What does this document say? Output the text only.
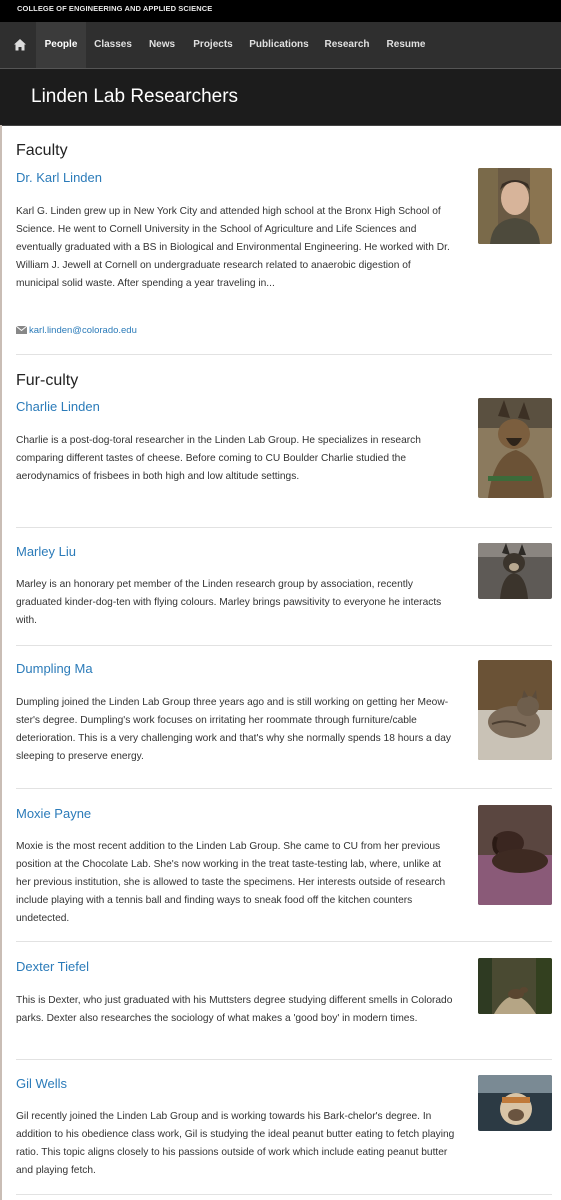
COLLEGE OF ENGINEERING AND APPLIED SCIENCE
People	Classes	News	Projects	Publications	Research	Resume
Linden Lab Researchers
Faculty
Dr. Karl Linden
Karl G. Linden grew up in New York City and attended high school at the Bronx High School of Science. He went to Cornell University in the School of Agriculture and Life Sciences and eventually graduated with a BS in Biological and Environmental Engineering. He worked with Dr. William J. Jewell at Cornell on undergraduate research related to anaerobic digestion of municipal solid waste. After spending a year traveling in...
karl.linden@colorado.edu
Fur-culty
Charlie Linden
Charlie is a post-dog-toral researcher in the Linden Lab Group. He specializes in research comparing different tastes of cheese. Before coming to CU Boulder Charlie studied the aerodynamics of frisbees in both high and low altitude settings.
Marley Liu
Marley is an honorary pet member of the Linden research group by association, recently graduated kinder-dog-ten with flying colours. Marley brings pawsitivity to everyone he interacts with.
Dumpling Ma
Dumpling joined the Linden Lab Group three years ago and is still working on getting her Meow-ster's degree. Dumpling's work focuses on irritating her roommate through furniture/cable deterioration. This is a very challenging work and that's why she normally spends 18 hours a day sleeping to preserve energy.
Moxie Payne
Moxie is the most recent addition to the Linden Lab Group. She came to CU from her previous position at the Chocolate Lab. She's now working in the treat taste-testing lab, where, unlike at her previous institution, she is allowed to taste the specimens. Her interests outside of research include playing with a tennis ball and finding ways to sneak food off the kitchen counters undetected.
Dexter Tiefel
This is Dexter, who just graduated with his Muttsters degree studying different smells in Colorado parks. Dexter also researches the sociology of what makes a 'good boy' in modern times.
Gil Wells
Gil recently joined the Linden Lab Group and is working towards his Bark-chelor's degree. In addition to his obedience class work, Gil is studying the ideal peanut butter eating to fetch playing ratio. This topic aligns closely to his passions outside of work which include eating peanut butter and playing fetch.
